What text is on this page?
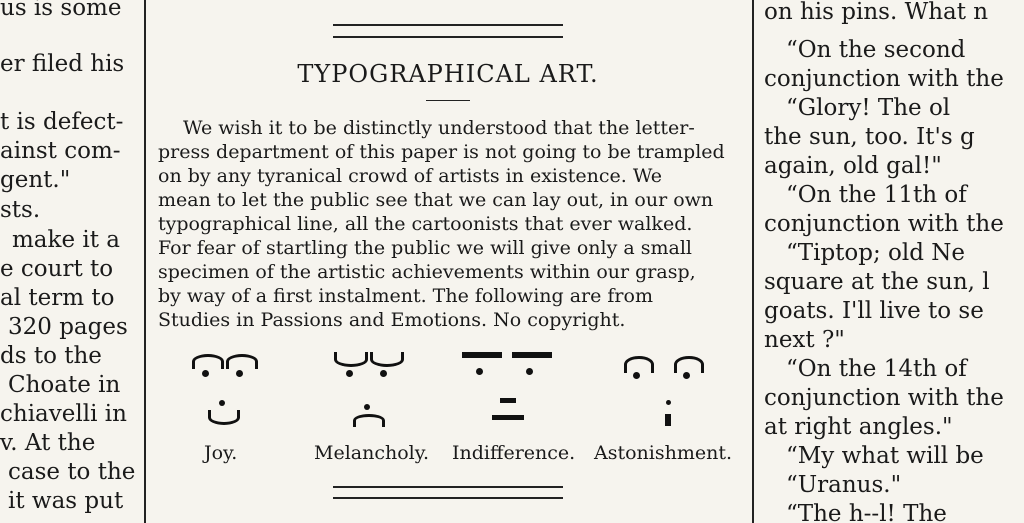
us is some
er filed his
t is defect-
ainst com-
gent."
sts.
make it a
e court to
al term to
320 pages
ds to the
Choate in
chiavelli in
v. At the
case to the
it was put
TYPOGRAPHICAL ART.
We wish it to be distinctly understood that the letter-
press department of this paper is not going to be trampled
on by any tyranical crowd of artists in existence. We
mean to let the public see that we can lay out, in our own
typographical line, all the cartoonists that ever walked.
For fear of startling the public we will give only a small
specimen of the artistic achievements within our grasp,
by way of a first instalment. The following are from
Studies in Passions and Emotions. No copyright.
Joy.	Melancholy. Indifference. Astonishment.
on his pins. What n
“On the second
conjunction with the
“Glory! The ol
the sun, too. It's g
again, old gal!"
“On the 11th of
conjunction with the
“Tiptop; old Ne
square at the sun, l
goats. I'll live to se
next ?"
“On the 14th of
conjunction with the
at right angles."
“My what will be
“Uranus."
“The h--l! The
